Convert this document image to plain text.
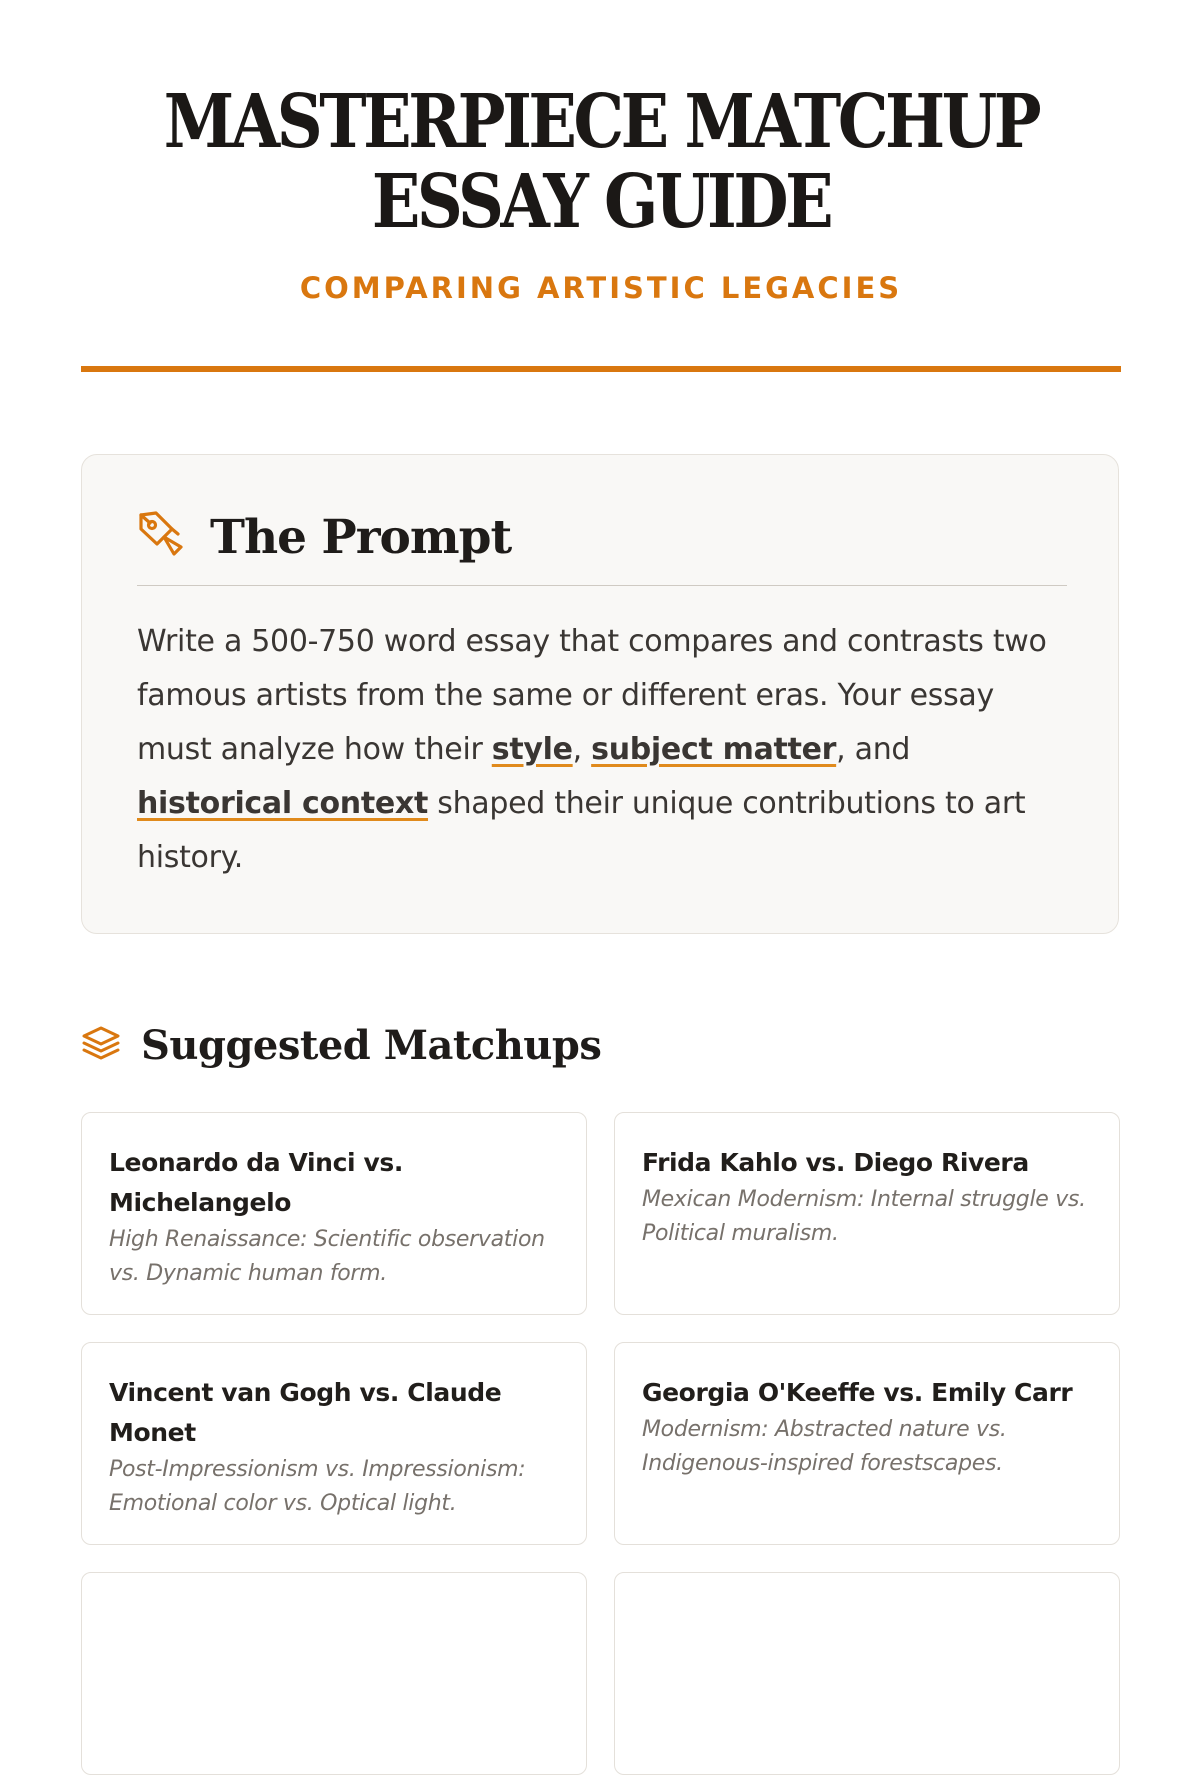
MASTERPIECE MATCHUP
ESSAY GUIDE
COMPARING ARTISTIC LEGACIES
The Prompt

Write a 500-750 word essay that compares and contrasts two famous artists from the same or different eras. Your essay must analyze how their style, subject matter, and historical context shaped their unique contributions to art history.

Suggested Matchups
Leonardo da Vinci vs. Michelangelo
High Renaissance: Scientific observation vs. Dynamic human form.
Frida Kahlo vs. Diego Rivera
Mexican Modernism: Internal struggle vs. Political muralism.
Vincent van Gogh vs. Claude Monet
Post-Impressionism vs. Impressionism: Emotional color vs. Optical light.
Georgia O'Keeffe vs. Emily Carr
Modernism: Abstracted nature vs. Indigenous-inspired forestscapes.
